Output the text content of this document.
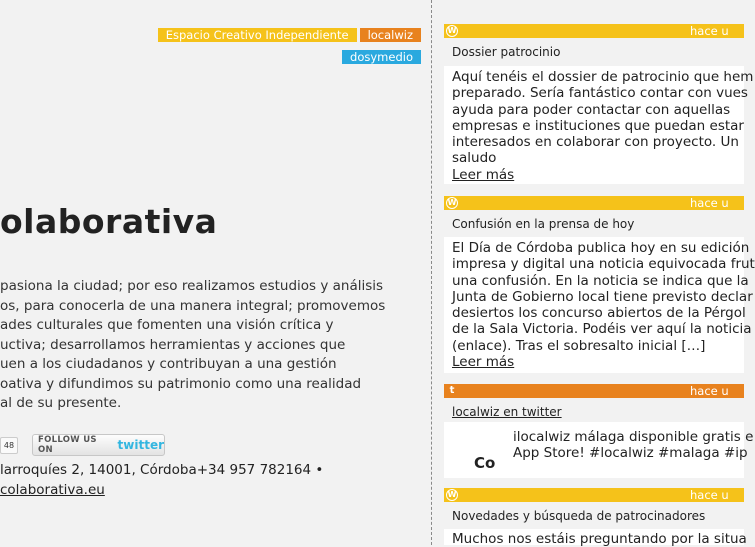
Espacio Creativo Independiente localwiz
dosymedio
olaborativa
pasiona la ciudad; por eso realizamos estudios y análisis
os, para conocerla de una manera integral; promovemos
ades culturales que fomenten una visión crítica y
uctiva; desarrollamos herramientas y acciones que
uen a los ciudadanos y contribuyan a una gestión
oativa y difundimos su patrimonio como una realidad
al de su presente.
48	FOLLOW US ON	twitter
larroquíes 2, 14001, Córdoba+34 957 782164 •
colaborativa.eu
W	hace u
Dossier patrocinio
Aquí tenéis el dossier de patrocinio que hem
preparado. Sería fantástico contar con vues
ayuda para poder contactar con aquellas
empresas e instituciones que puedan estar
interesados en colaborar con proyecto. Un
saludo
Leer más
W	hace u
Confusión en la prensa de hoy
El Día de Córdoba publica hoy en su edición
impresa y digital una noticia equivocada frut
una confusión. En la noticia se indica que la
Junta de Gobierno local tiene previsto declar
desiertos los concurso abiertos de la Pérgol
de la Sala Victoria. Podéis ver aquí la noticia
(enlace). Tras el sobresalto inicial […]
Leer más
t	hace u
localwiz en twitter
Co
ilocalwiz málaga disponible gratis e
App Store! #localwiz #malaga #ip
W	hace u
Novedades y búsqueda de patrocinadores
Muchos nos estáis preguntando por la situa
